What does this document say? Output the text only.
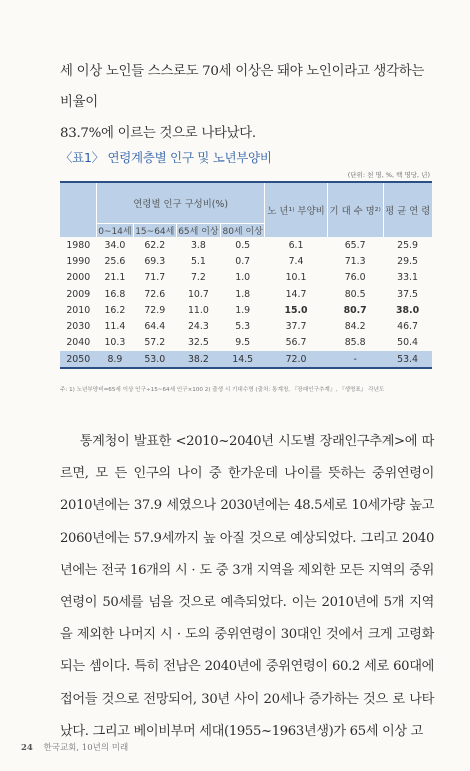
세 이상 노인들 스스로도 70세 이상은 돼야 노인이라고 생각하는 비율이

83.7%에 이르는 것으로 나타났다.

〈표1〉 연령계층별 인구 및 노년부양비
(단위: 천 명, %, 백 명당, 년)
	연령별 인구 구성비(%)				노 년¹⁾ 부양비	기 대 수 명²⁾	평 균 연 령
	0~14세	15~64세	65세 이상	80세 이상			
1980	34.0	62.2	3.8	0.5	6.1	65.7	25.9
1990	25.6	69.3	5.1	0.7	7.4	71.3	29.5
2000	21.1	71.7	7.2	1.0	10.1	76.0	33.1
2009	16.8	72.6	10.7	1.8	14.7	80.5	37.5
2010	16.2	72.9	11.0	1.9	15.0	80.7	38.0
2030	11.4	64.4	24.3	5.3	37.7	84.2	46.7
2040	10.3	57.2	32.5	9.5	56.7	85.8	50.4
2050	8.9	53.0	38.2	14.5	72.0	-	53.4
주: 1) 노년부양비=65세 이상 인구÷15~64세 인구×100 2) 출생 시 기대수명 (출처: 통계청, 『장래인구추계』, 『생명표』 각년도

통계청이 발표한 <2010~2040년 시도별 장래인구추계>에 따르면, 모 든 인구의 나이 중 한가운데 나이를 뜻하는 중위연령이 2010년에는 37.9 세였으나 2030년에는 48.5세로 10세가량 높고 2060년에는 57.9세까지 높 아질 것으로 예상되었다. 그리고 2040년에는 전국 16개의 시 · 도 중 3개 지역을 제외한 모든 지역의 중위연령이 50세를 넘을 것으로 예측되었다. 이는 2010년에 5개 지역을 제외한 나머지 시 · 도의 중위연령이 30대인 것에서 크게 고령화되는 셈이다. 특히 전남은 2040년에 중위연령이 60.2 세로 60대에 접어들 것으로 전망되어, 30년 사이 20세나 증가하는 것으 로 나타났다. 그리고 베이비부머 세대(1955~1963년생)가 65세 이상 고

24 한국교회, 10년의 미래
